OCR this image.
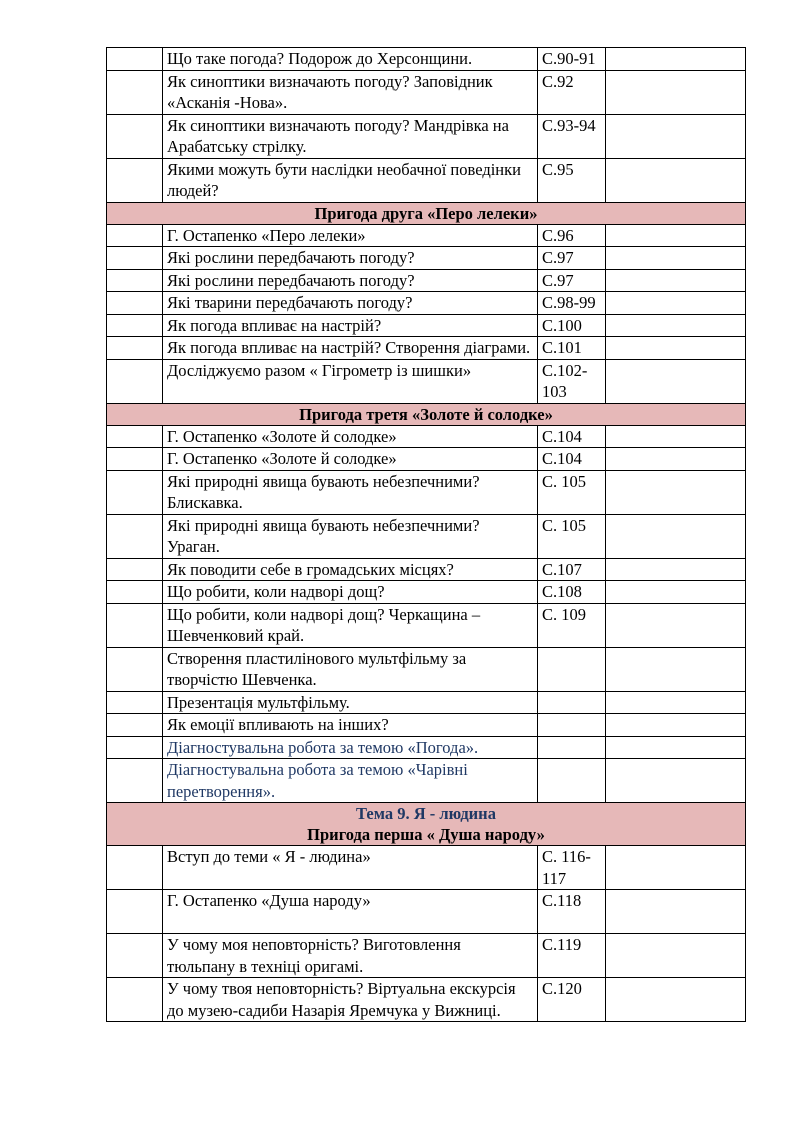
	Що таке погода? Подорож до Херсонщини.	С.90-91	
	Як синоптики визначають погоду? Заповідник «Асканія -Нова».	С.92	
	Як синоптики визначають погоду? Мандрівка на Арабатську стрілку.	С.93-94	
	Якими можуть бути наслідки необачної поведінки людей?	С.95	

Пригода друга «Перо лелеки»			

	Г. Остапенко «Перо лелеки»	С.96	
	Які рослини передбачають погоду?	С.97	
	Які рослини передбачають погоду?	С.97	
	Які тварини передбачають погоду?	С.98-99	
	Як погода впливає на настрій?	С.100	
	Як погода впливає на настрій? Створення діаграми.	С.101	
	Досліджуємо разом « Гігрометр із шишки»	С.102-103	

Пригода третя «Золоте й солодке»			

	Г. Остапенко «Золоте й солодке»	С.104	
	Г. Остапенко «Золоте й солодке»	С.104	
	Які природні явища бувають небезпечними? Блискавка.	С. 105	
	Які природні явища бувають небезпечними? Ураган.	С. 105	
	Як поводити себе в громадських місцях?	С.107	
	Що робити, коли надворі дощ?	С.108	
	Що робити, коли надворі дощ? Черкащина – Шевченковий край.	С. 109	
	Створення пластилінового мультфільму за творчістю Шевченка.		
	Презентація мультфільму.		
	Як емоції впливають на інших?		
	Діагностувальна робота за темою «Погода».		
	Діагностувальна робота за темою «Чарівні перетворення».		

Тема 9. Я - людина
Пригода перша « Душа народу»			

	Вступ до теми « Я - людина»	С. 116-117	
	Г. Остапенко «Душа народу»	С.118	
	У чому моя неповторність? Виготовлення тюльпану в техніці оригамі.	С.119	
	У чому твоя неповторність? Віртуальна екскурсія до музею-садиби Назарія Яремчука у Вижниці.	С.120	
